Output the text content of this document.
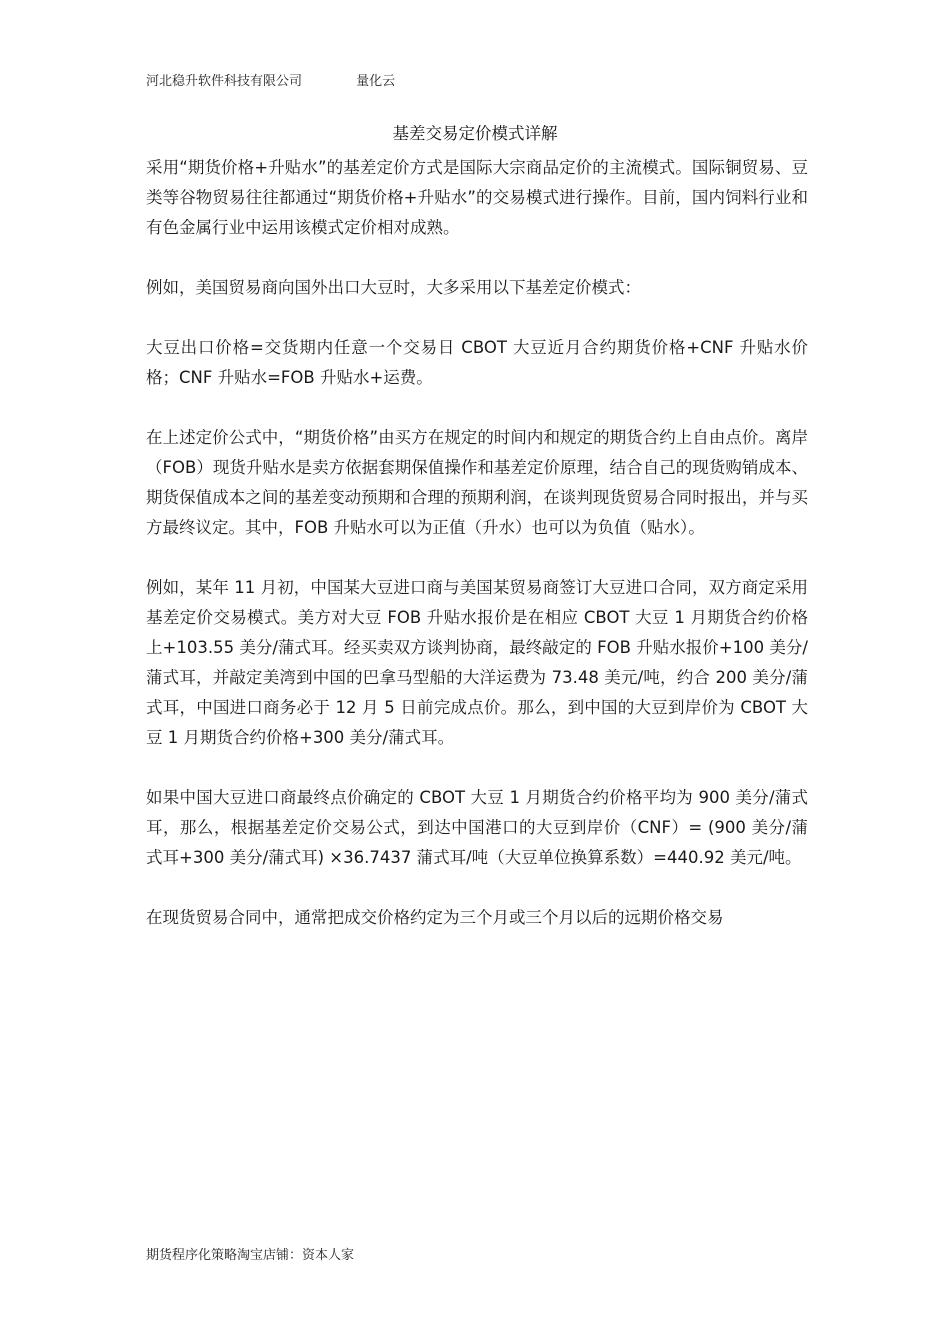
河北稳升软件科技有限公司	量化云
基差交易定价模式详解

采用“期货价格+升贴水”的基差定价方式是国际大宗商品定价的主流模式。国际铜贸易、豆类等谷物贸易往往都通过“期货价格+升贴水”的交易模式进行操作。目前，国内饲料行业和有色金属行业中运用该模式定价相对成熟。

例如，美国贸易商向国外出口大豆时，大多采用以下基差定价模式：

大豆出口价格=交货期内任意一个交易日 CBOT 大豆近月合约期货价格+CNF 升贴水价格；CNF 升贴水=FOB 升贴水+运费。

在上述定价公式中，“期货价格”由买方在规定的时间内和规定的期货合约上自由点价。离岸（FOB）现货升贴水是卖方依据套期保值操作和基差定价原理，结合自己的现货购销成本、期货保值成本之间的基差变动预期和合理的预期利润，在谈判现货贸易合同时报出，并与买方最终议定。其中，FOB 升贴水可以为正值（升水）也可以为负值（贴水）。

例如，某年 11 月初，中国某大豆进口商与美国某贸易商签订大豆进口合同，双方商定采用基差定价交易模式。美方对大豆 FOB 升贴水报价是在相应 CBOT 大豆 1 月期货合约价格上+103.55 美分/蒲式耳。经买卖双方谈判协商，最终敲定的 FOB 升贴水报价+100 美分/蒲式耳，并敲定美湾到中国的巴拿马型船的大洋运费为 73.48 美元/吨，约合 200 美分/蒲式耳，中国进口商务必于 12 月 5 日前完成点价。那么，到中国的大豆到岸价为 CBOT 大豆 1 月期货合约价格+300 美分/蒲式耳。

如果中国大豆进口商最终点价确定的 CBOT 大豆 1 月期货合约价格平均为 900 美分/蒲式耳，那么，根据基差定价交易公式，到达中国港口的大豆到岸价（CNF）= (900 美分/蒲式耳+300 美分/蒲式耳) ×36.7437 蒲式耳/吨（大豆单位换算系数）=440.92 美元/吨。

在现货贸易合同中，通常把成交价格约定为三个月或三个月以后的远期价格交易

期货程序化策略淘宝店铺：资本人家
